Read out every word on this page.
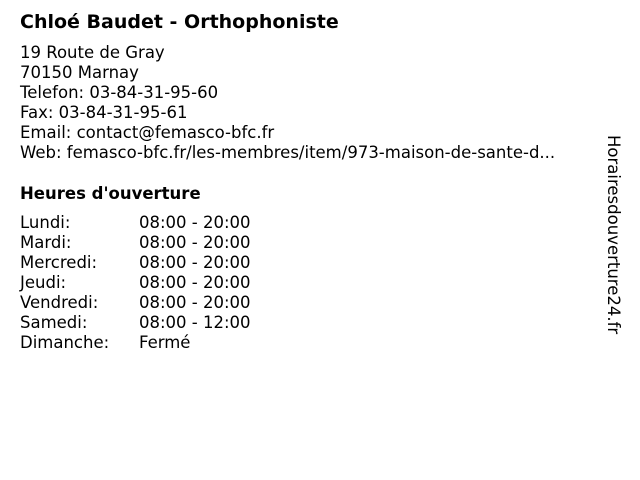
Chloé Baudet - Orthophoniste
19 Route de Gray
70150 Marnay
Telefon: 03-84-31-95-60
Fax: 03-84-31-95-61
Email: contact@femasco-bfc.fr
Web: femasco-bfc.fr/les-membres/item/973-maison-de-sante-d...
Heures d'ouverture
Lundi:	08:00 - 20:00
Mardi:	08:00 - 20:00
Mercredi:	08:00 - 20:00
Jeudi:	08:00 - 20:00
Vendredi: 08:00 - 20:00
Samedi:	08:00 - 12:00
Dimanche: Fermé
Horairesdouverture24.fr
